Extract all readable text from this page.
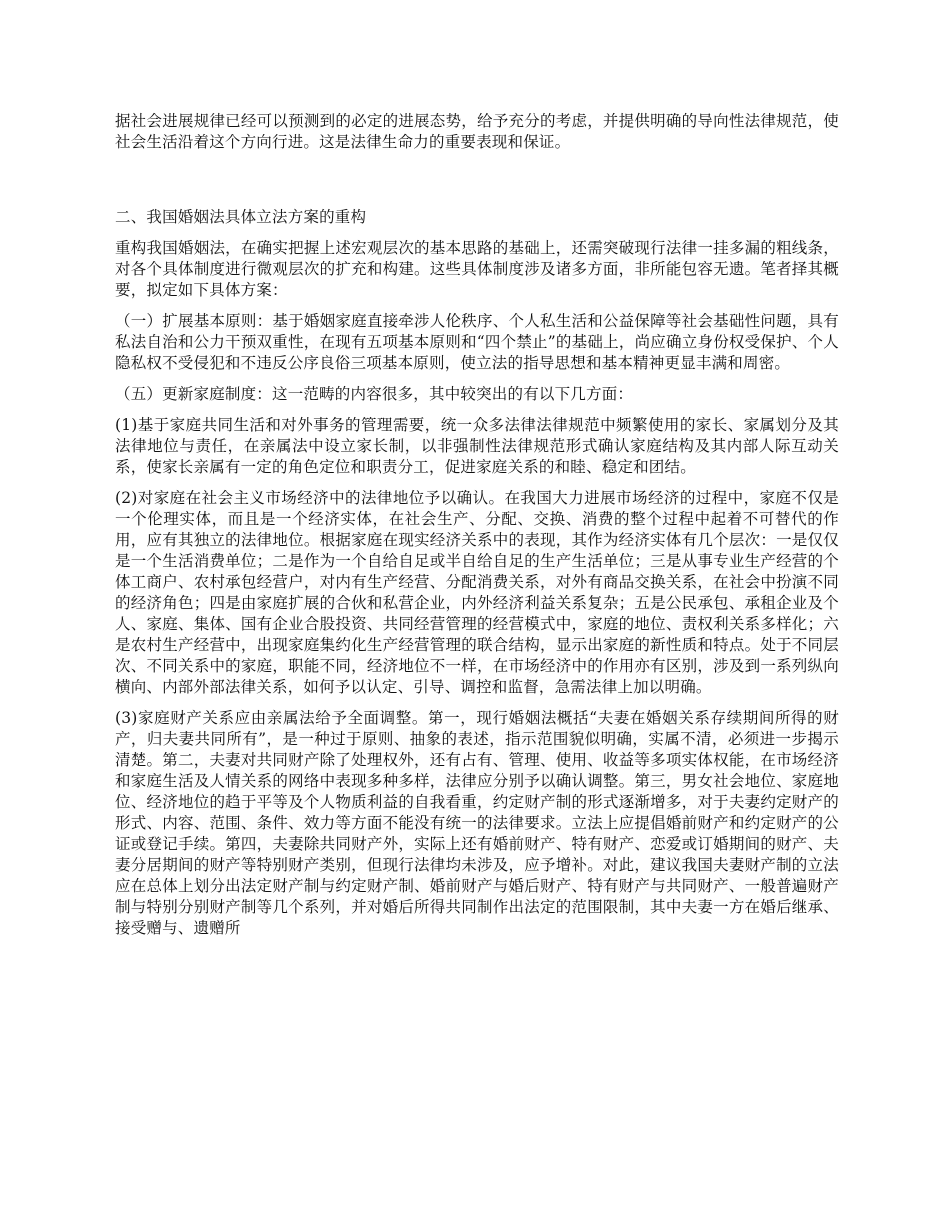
据社会进展规律已经可以预测到的必定的进展态势，给予充分的考虑，并提供明确的导向性法律规范，使社会生活沿着这个方向行进。这是法律生命力的重要表现和保证。

二、我国婚姻法具体立法方案的重构

重构我国婚姻法，在确实把握上述宏观层次的基本思路的基础上，还需突破现行法律一挂多漏的粗线条，对各个具体制度进行微观层次的扩充和构建。这些具体制度涉及诸多方面，非所能包容无遗。笔者择其概要，拟定如下具体方案：

（一）扩展基本原则：基于婚姻家庭直接牵涉人伦秩序、个人私生活和公益保障等社会基础性问题，具有私法自治和公力干预双重性，在现有五项基本原则和“四个禁止”的基础上，尚应确立身份权受保护、个人隐私权不受侵犯和不违反公序良俗三项基本原则，使立法的指导思想和基本精神更显丰满和周密。

（五）更新家庭制度：这一范畴的内容很多，其中较突出的有以下几方面：

(1)基于家庭共同生活和对外事务的管理需要，统一众多法律法律规范中频繁使用的家长、家属划分及其法律地位与责任，在亲属法中设立家长制，以非强制性法律规范形式确认家庭结构及其内部人际互动关系，使家长亲属有一定的角色定位和职责分工，促进家庭关系的和睦、稳定和团结。

(2)对家庭在社会主义市场经济中的法律地位予以确认。在我国大力进展市场经济的过程中，家庭不仅是一个伦理实体，而且是一个经济实体，在社会生产、分配、交换、消费的整个过程中起着不可替代的作用，应有其独立的法律地位。根据家庭在现实经济关系中的表现，其作为经济实体有几个层次：一是仅仅是一个生活消费单位；二是作为一个自给自足或半自给自足的生产生活单位；三是从事专业生产经营的个体工商户、农村承包经营户，对内有生产经营、分配消费关系，对外有商品交换关系，在社会中扮演不同的经济角色；四是由家庭扩展的合伙和私营企业，内外经济利益关系复杂；五是公民承包、承租企业及个人、家庭、集体、国有企业合股投资、共同经营管理的经营模式中，家庭的地位、责权利关系多样化；六是农村生产经营中，出现家庭集约化生产经营管理的联合结构，显示出家庭的新性质和特点。处于不同层次、不同关系中的家庭，职能不同，经济地位不一样，在市场经济中的作用亦有区别，涉及到一系列纵向横向、内部外部法律关系，如何予以认定、引导、调控和监督，急需法律上加以明确。

(3)家庭财产关系应由亲属法给予全面调整。第一，现行婚姻法概括“夫妻在婚姻关系存续期间所得的财产，归夫妻共同所有”，是一种过于原则、抽象的表述，指示范围貌似明确，实属不清，必须进一步揭示清楚。第二，夫妻对共同财产除了处理权外，还有占有、管理、使用、收益等多项实体权能，在市场经济和家庭生活及人情关系的网络中表现多种多样，法律应分别予以确认调整。第三，男女社会地位、家庭地位、经济地位的趋于平等及个人物质利益的自我看重，约定财产制的形式逐渐增多，对于夫妻约定财产的形式、内容、范围、条件、效力等方面不能没有统一的法律要求。立法上应提倡婚前财产和约定财产的公证或登记手续。第四，夫妻除共同财产外，实际上还有婚前财产、特有财产、恋爱或订婚期间的财产、夫妻分居期间的财产等特别财产类别，但现行法律均未涉及，应予增补。对此，建议我国夫妻财产制的立法应在总体上划分出法定财产制与约定财产制、婚前财产与婚后财产、特有财产与共同财产、一般普遍财产制与特别分别财产制等几个系列，并对婚后所得共同制作出法定的范围限制，其中夫妻一方在婚后继承、接受赠与、遗赠所
